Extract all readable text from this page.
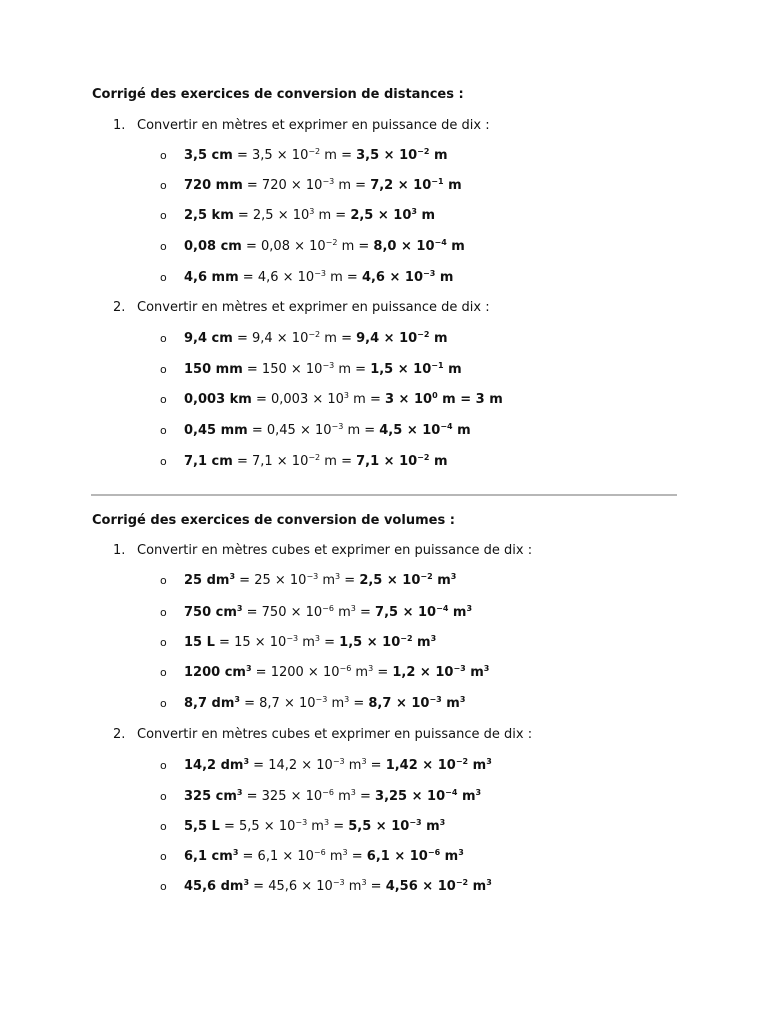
Corrigé des exercices de conversion de distances :
1. Convertir en mètres et exprimer en puissance de dix :
o 3,5 cm = $3,5 \times 10^{-2}$ $m = 3,5 \times 10^{-2}$ m
o 720 mm = $720 \times 10^{-3}$ $m = 7,2 \times 10^{-1}$ m
o 2,5 km = $2,5 \times 10^3$ $m = 2,5 \times 10^3$ m
o 0,08 cm = $0,08 \times 10^{-2}$ $m = 8,0 \times 10^{-4}$ m
o 4,6 mm = $4,6 \times 10^{-3}$ $m = 4,6 \times 10^{-3}$ m
2. Convertir en mètres et exprimer en puissance de dix :
o 9,4 cm = $9,4 \times 10^{-2}$ $m = 9,4 \times 10^{-2}$ m
o 150 mm = $150 \times 10^{-3}$ $m = 1,5 \times 10^{-1}$ m
o 0,003 km = $0,003 \times 10^3$ $m = 3 \times 10^0$ m = 3 m
o 0,45 mm = $0,45 \times 10^{-3}$ $m = 4,5 \times 10^{-4}$ m
o 7,1 cm = $7,1 \times 10^{-2}$ $m = 7,1 \times 10^{-2}$ m
Corrigé des exercices de conversion de volumes :
1. Convertir en mètres cubes et exprimer en puissance de dix :
o 25 $dm^3 = 25 \times 10^{-3}$ $m^3 = 2,5 \times 10^{-2}$ $m^3$
o 750 $cm^3 = 750 \times 10^{-6}$ $m^3 = 7,5 \times 10^{-4}$ $m^3$
o 15 $L = 15 \times 10^{-3}$ $m^3 = 1,5 \times 10^{-2}$ $m^3$
o 1200 $cm^3 = 1200 \times 10^{-6}$ $m^3 = 1,2 \times 10^{-3}$ $m^3$
o 8,7 $dm^3 = 8,7 \times 10^{-3}$ $m^3 = 8,7 \times 10^{-3}$ $m^3$
2. Convertir en mètres cubes et exprimer en puissance de dix :
o 14,2 $dm^3 = 14,2 \times 10^{-3}$ $m^3 = 1,42 \times 10^{-2}$ $m^3$
o 325 $cm^3 = 325 \times 10^{-6}$ $m^3 = 3,25 \times 10^{-4}$ $m^3$
o 5,5 $L = 5,5 \times 10^{-3}$ $m^3 = 5,5 \times 10^{-3}$ $m^3$
o 6,1 $cm^3 = 6,1 \times 10^{-6}$ $m^3 = 6,1 \times 10^{-6}$ $m^3$
o 45,6 $dm^3 = 45,6 \times 10^{-3}$ $m^3 = 4,56 \times 10^{-2}$ $m^3$
